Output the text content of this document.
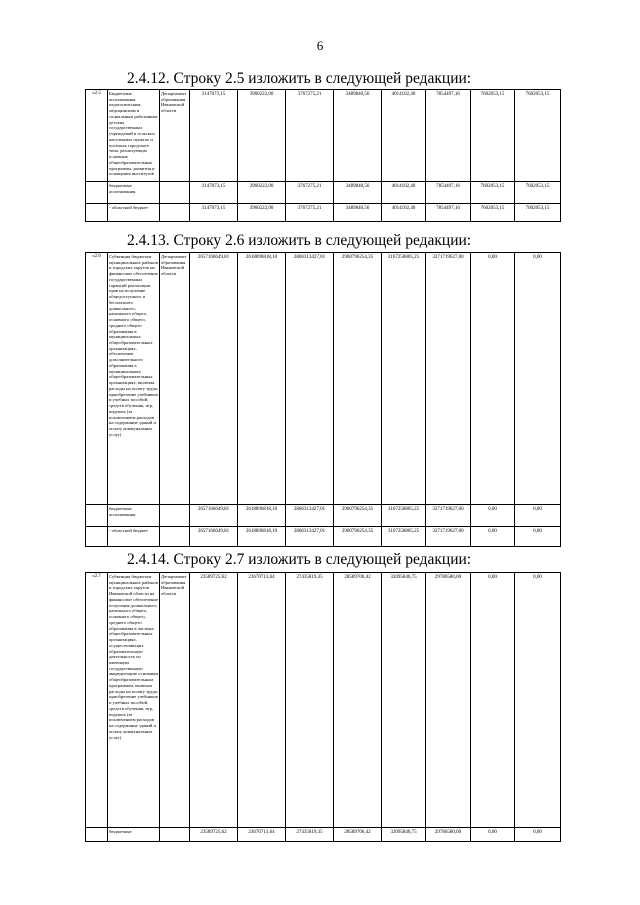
6
2.4.12. Строку 2.5 изложить в следующей редакции:
«2.5	Бюджетные ассигнования педагогическим, медицинским и социальным работникам детских государственных учреждений в сельских населенных пунктах и поселках городского типа, реализующих основные общеобразовательные программы, развития и оснащения институтов	Департамент образования Ивановской области	3147073,15	3960222,00	3767275,21	3489840,56	4014102,40	7854497,16	7602053,15	7602053,15	
	бюджетные ассигнования		3147073,15	3960222,00	3767275,21	3489840,56	4014102,40	7854497,16	7602053,15	7602053,15	
	- областной бюджет		3147073,15	3960222,00	3767275,21	3489840,56	4014102,40	7854497,16	7602053,15	7602053,15	
2.4.13. Строку 2.6 изложить в следующей редакции:
«2.6	Субвенция бюджетам муниципальных районов и городских округов на финансовое обеспечение государственных гарантий реализации прав на получение общедоступного и бесплатного дошкольного, начального общего, основного общего, среднего общего образования в муниципальных общеобразовательных организациях, обеспечение дополнительного образования в муниципальных общеобразовательных организациях, включая расходы на оплату труда, приобретение учебников и учебных пособий, средств обучения, игр, игрушек (за исключением расходов на содержание зданий и оплату коммунальных услуг)	Департамент образования Ивановской области	2657166649,81	2618896818,10	2866313427,01	2960796254,35	3167258805,25	3271719627,00	0,00	0,00	
	бюджетные ассигнования		2657166649,81	2618896818,10	2866313427,01	2960796254,35	3167258805,25	3271719627,00	0,00	0,00	
	- областной бюджет		2657166649,81	2618896818,10	2866313427,01	2960796254,35	3167258805,25	3271719627,00	0,00	0,00	
2.4.14. Строку 2.7 изложить в следующей редакции:
«2.7	Субвенция бюджетам муниципальных районов и городских округов Ивановской области на финансовое обеспечение получения дошкольного, начального общего, основного общего, среднего общего образования в частных общеобразовательных организациях, осуществляющих образовательную деятельность по имеющим государственную аккредитацию основным общеобразовательным программам, включая расходы на оплату труда, приобретение учебников и учебных пособий, средств обучения, игр, игрушек (за исключением расходов на содержание зданий и оплату коммунальных услуг)	Департамент образования Ивановской области	23589725,62	23670713,64	27435819,35	28589706,42	32095840,75	29786580,00	0,00	0,00	
	бюджетные		23589725,62	23670713,64	27435819,35	28589706,42	32095840,75	29786580,00	0,00	0,00	
